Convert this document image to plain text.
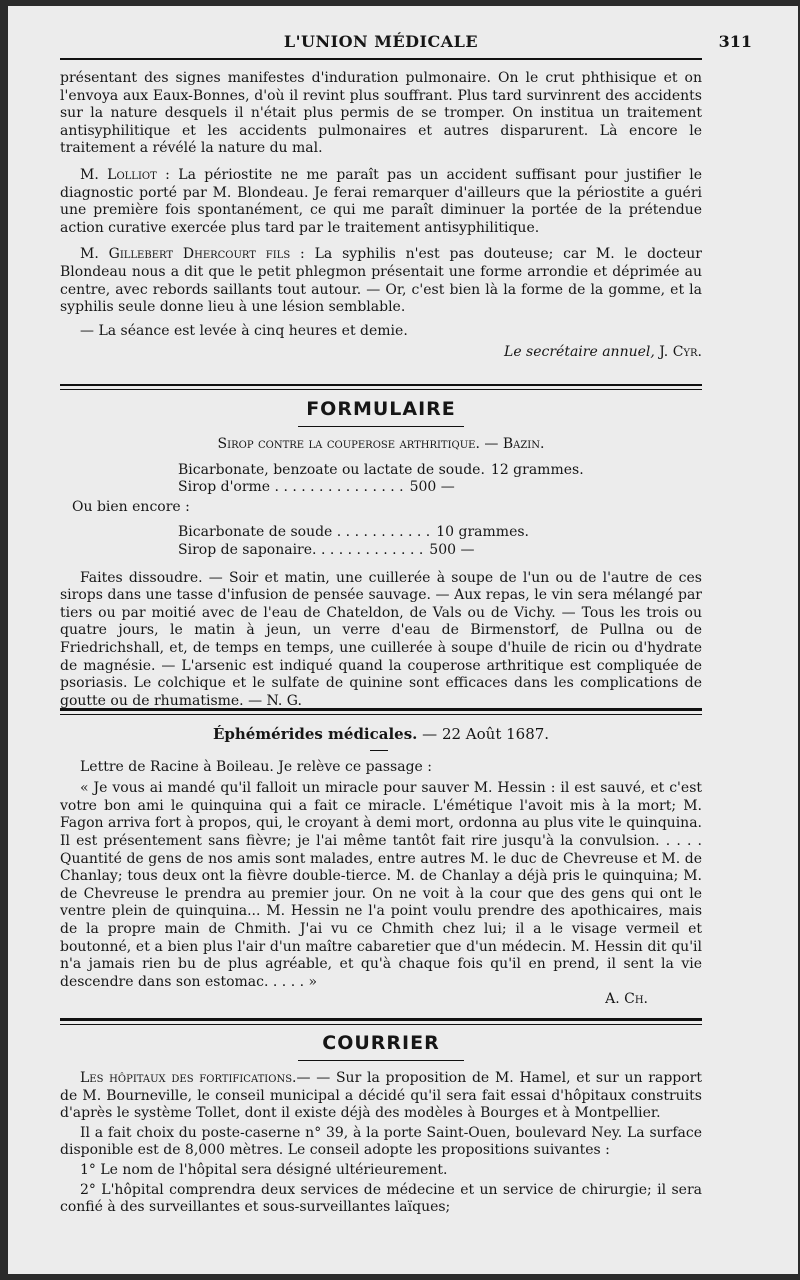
L'UNION MÉDICALE	311

présentant des signes manifestes d'induration pulmonaire. On le crut phthisique et on l'envoya aux Eaux-Bonnes, d'où il revint plus souffrant. Plus tard survinrent des accidents sur la nature desquels il n'était plus permis de se tromper. On institua un traitement antisyphilitique et les accidents pulmonaires et autres disparurent. Là encore le traitement a révélé la nature du mal.

M. Lolliot : La périostite ne me paraît pas un accident suffisant pour justifier le diagnostic porté par M. Blondeau. Je ferai remarquer d'ailleurs que la périostite a guéri une première fois spontanément, ce qui me paraît diminuer la portée de la prétendue action curative exercée plus tard par le traitement antisyphilitique.

M. Gillebert Dhercourt fils : La syphilis n'est pas douteuse; car M. le docteur Blondeau nous a dit que le petit phlegmon présentait une forme arrondie et déprimée au centre, avec rebords saillants tout autour. — Or, c'est bien là la forme de la gomme, et la syphilis seule donne lieu à une lésion semblable.

— La séance est levée à cinq heures et demie.

Le secrétaire annuel, J. Cyr.

FORMULAIRE

Sirop contre la couperose arthritique. — Bazin.

Bicarbonate, benzoate ou lactate de soude. 12 grammes.
Sirop d'orme . . . . . . . . . . . . . . . 500 —

Ou bien encore :

Bicarbonate de soude . . . . . . . . . . . 10 grammes.
Sirop de saponaire. . . . . . . . . . . . . 500 —

Faites dissoudre. — Soir et matin, une cuillerée à soupe de l'un ou de l'autre de ces sirops dans une tasse d'infusion de pensée sauvage. — Aux repas, le vin sera mélangé par tiers ou par moitié avec de l'eau de Chateldon, de Vals ou de Vichy. — Tous les trois ou quatre jours, le matin à jeun, un verre d'eau de Birmenstorf, de Pullna ou de Friedrichshall, et, de temps en temps, une cuillerée à soupe d'huile de ricin ou d'hydrate de magnésie. — L'arsenic est indiqué quand la couperose arthritique est compliquée de psoriasis. Le colchique et le sulfate de quinine sont efficaces dans les complications de goutte ou de rhumatisme. — N. G.

Éphémérides médicales. — 22 Août 1687.

Lettre de Racine à Boileau. Je relève ce passage :

« Je vous ai mandé qu'il falloit un miracle pour sauver M. Hessin : il est sauvé, et c'est votre bon ami le quinquina qui a fait ce miracle. L'émétique l'avoit mis à la mort; M. Fagon arriva fort à propos, qui, le croyant à demi mort, ordonna au plus vite le quinquina. Il est présentement sans fièvre; je l'ai même tantôt fait rire jusqu'à la convulsion. . . . . Quantité de gens de nos amis sont malades, entre autres M. le duc de Chevreuse et M. de Chanlay; tous deux ont la fièvre double-tierce. M. de Chanlay a déjà pris le quinquina; M. de Chevreuse le prendra au premier jour. On ne voit à la cour que des gens qui ont le ventre plein de quinquina... M. Hessin ne l'a point voulu prendre des apothicaires, mais de la propre main de Chmith. J'ai vu ce Chmith chez lui; il a le visage vermeil et boutonné, et a bien plus l'air d'un maître cabaretier que d'un médecin. M. Hessin dit qu'il n'a jamais rien bu de plus agréable, et qu'à chaque fois qu'il en prend, il sent la vie descendre dans son estomac. . . . . »

A. Ch.

COURRIER

Les hôpitaux des fortifications.— — Sur la proposition de M. Hamel, et sur un rapport de M. Bourneville, le conseil municipal a décidé qu'il sera fait essai d'hôpitaux construits d'après le système Tollet, dont il existe déjà des modèles à Bourges et à Montpellier.

Il a fait choix du poste-caserne n° 39, à la porte Saint-Ouen, boulevard Ney. La surface disponible est de 8,000 mètres. Le conseil adopte les propositions suivantes :

1° Le nom de l'hôpital sera désigné ultérieurement.

2° L'hôpital comprendra deux services de médecine et un service de chirurgie; il sera confié à des surveillantes et sous-surveillantes laïques;
